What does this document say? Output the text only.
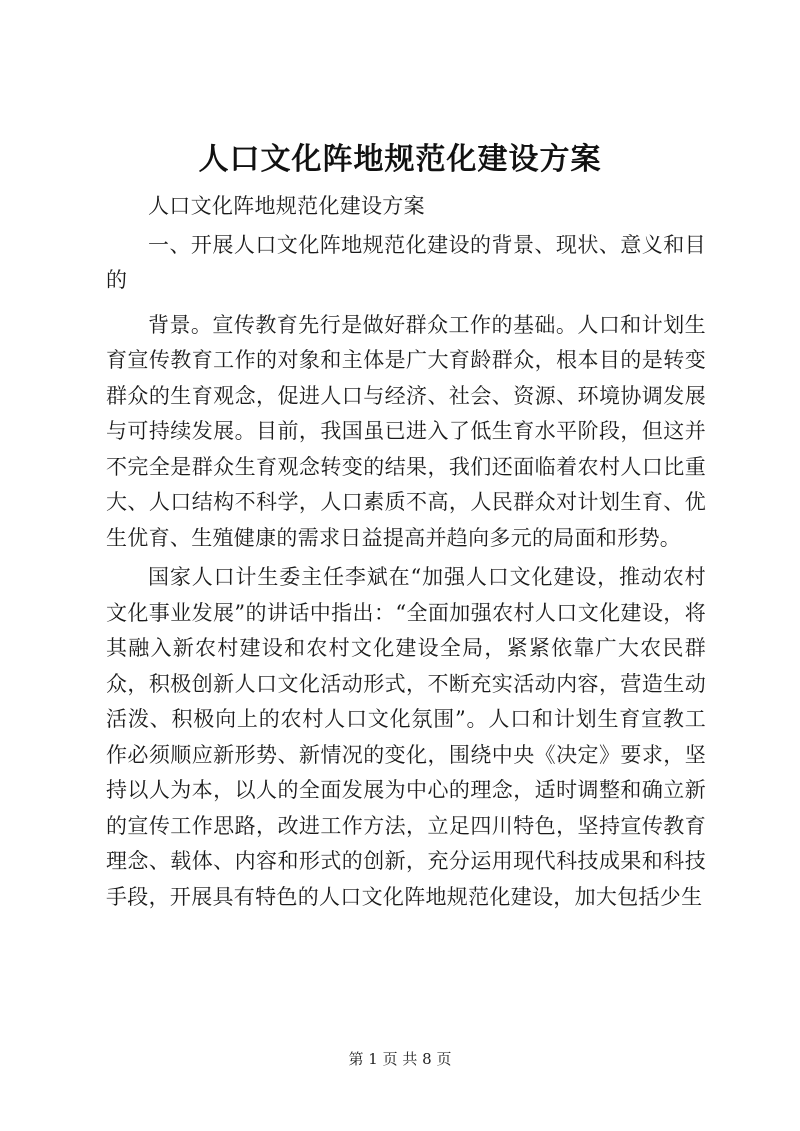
人口文化阵地规范化建设方案

人口文化阵地规范化建设方案

一、开展人口文化阵地规范化建设的背景、现状、意义和目的

背景。宣传教育先行是做好群众工作的基础。人口和计划生育宣传教育工作的对象和主体是广大育龄群众，根本目的是转变群众的生育观念，促进人口与经济、社会、资源、环境协调发展与可持续发展。目前，我国虽已进入了低生育水平阶段，但这并不完全是群众生育观念转变的结果，我们还面临着农村人口比重大、人口结构不科学，人口素质不高，人民群众对计划生育、优生优育、生殖健康的需求日益提高并趋向多元的局面和形势。

国家人口计生委主任李斌在“加强人口文化建设，推动农村文化事业发展”的讲话中指出：“全面加强农村人口文化建设，将其融入新农村建设和农村文化建设全局，紧紧依靠广大农民群众，积极创新人口文化活动形式，不断充实活动内容，营造生动活泼、积极向上的农村人口文化氛围”。人口和计划生育宣教工作必须顺应新形势、新情况的变化，围绕中央《决定》要求，坚持以人为本，以人的全面发展为中心的理念，适时调整和确立新的宣传工作思路，改进工作方法，立足四川特色，坚持宣传教育理念、载体、内容和形式的创新，充分运用现代科技成果和科技手段，开展具有特色的人口文化阵地规范化建设，加大包括少生

第 1 页 共 8 页
